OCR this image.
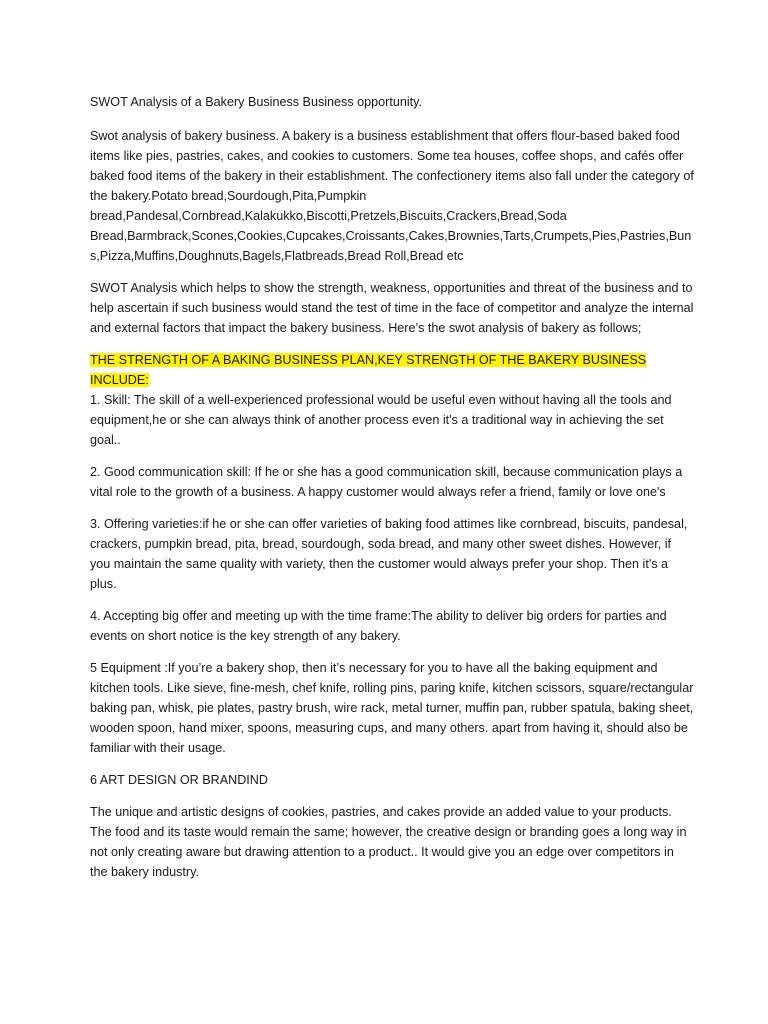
SWOT Analysis of a Bakery Business Business opportunity.

Swot analysis of bakery business. A bakery is a business establishment that offers flour-based baked food items like pies, pastries, cakes, and cookies to customers. Some tea houses, coffee shops, and cafés offer baked food items of the bakery in their establishment. The confectionery items also fall under the category of the bakery.Potato bread,Sourdough,Pita,Pumpkin bread,Pandesal,Cornbread,Kalakukko,Biscotti,Pretzels,Biscuits,Crackers,Bread,Soda Bread,Barmbrack,Scones,Cookies,Cupcakes,Croissants,Cakes,Brownies,Tarts,Crumpets,Pies,Pastries,Buns,Pizza,Muffins,Doughnuts,Bagels,Flatbreads,Bread Roll,Bread etc

SWOT Analysis which helps to show the strength, weakness, opportunities and threat of the business and to help ascertain if such business would stand the test of time in the face of competitor and analyze the internal and external factors that impact the bakery business. Here’s the swot analysis of bakery as follows;

THE STRENGTH OF A BAKING BUSINESS PLAN,KEY STRENGTH OF THE BAKERY BUSINESS INCLUDE:

1. Skill: The skill of a well-experienced professional would be useful even without having all the tools and equipment,he or she can always think of another process even it's a traditional way in achieving the set goal..

2. Good communication skill: If he or she has a good communication skill, because communication plays a vital role to the growth of a business. A happy customer would always refer a friend, family or love one's

3. Offering varieties:if he or she can offer varieties of baking food attimes like cornbread, biscuits, pandesal, crackers, pumpkin bread, pita, bread, sourdough, soda bread, and many other sweet dishes. However, if you maintain the same quality with variety, then the customer would always prefer your shop. Then it's a plus.

4. Accepting big offer and meeting up with the time frame:The ability to deliver big orders for parties and events on short notice is the key strength of any bakery.

5 Equipment :If you’re a bakery shop, then it’s necessary for you to have all the baking equipment and kitchen tools. Like sieve, fine-mesh, chef knife, rolling pins, paring knife, kitchen scissors, square/rectangular baking pan, whisk, pie plates, pastry brush, wire rack, metal turner, muffin pan, rubber spatula, baking sheet, wooden spoon, hand mixer, spoons, measuring cups, and many others. apart from having it, should also be familiar with their usage.

6 ART DESIGN OR BRANDIND

The unique and artistic designs of cookies, pastries, and cakes provide an added value to your products. The food and its taste would remain the same; however, the creative design or branding goes a long way in not only creating aware but drawing attention to a product.. It would give you an edge over competitors in the bakery industry.
